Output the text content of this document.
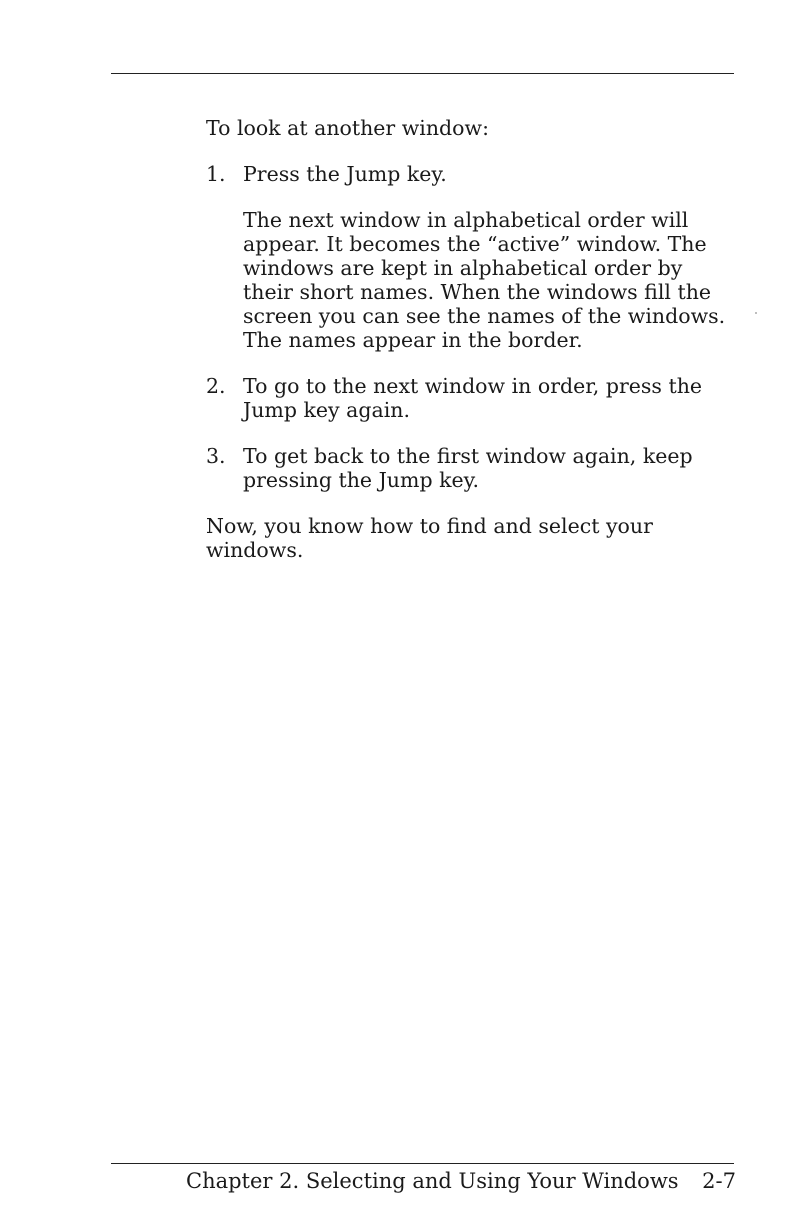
To look at another window:

1. Press the Jump key.

The next window in alphabetical order will
appear. It becomes the “active” window. The
windows are kept in alphabetical order by
their short names. When the windows fill the
screen you can see the names of the windows.
The names appear in the border.

2. To go to the next window in order, press the
Jump key again.

3. To get back to the first window again, keep
pressing the Jump key.

Now, you know how to find and select your
windows.

Chapter 2. Selecting and Using Your Windows 2-7
